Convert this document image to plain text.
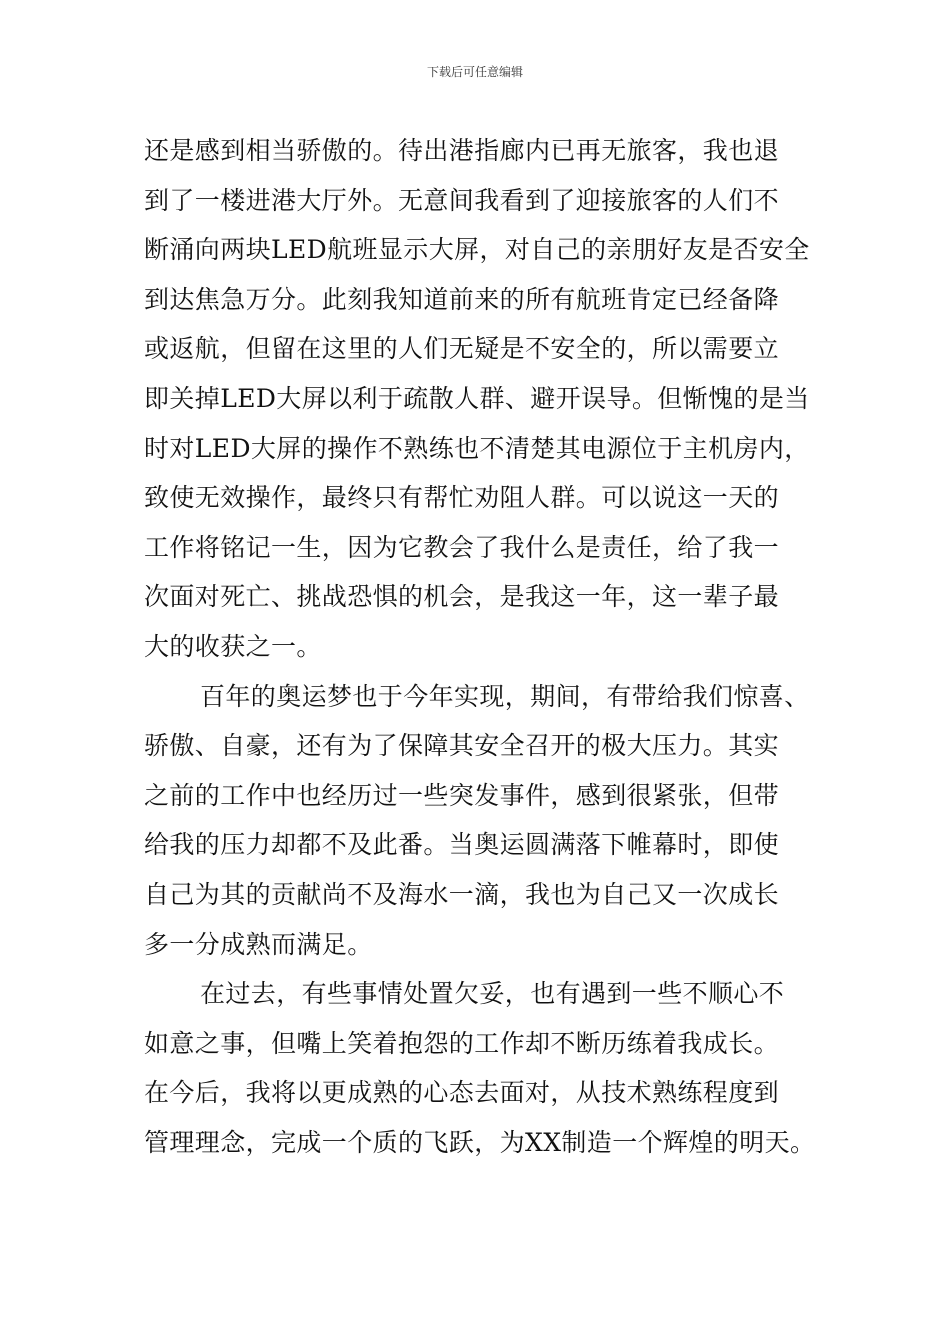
下载后可任意编辑
还是感到相当骄傲的。待出港指廊内已再无旅客，我也退
到了一楼进港大厅外。无意间我看到了迎接旅客的人们不
断涌向两块LED航班显示大屏，对自己的亲朋好友是否安全
到达焦急万分。此刻我知道前来的所有航班肯定已经备降
或返航，但留在这里的人们无疑是不安全的，所以需要立
即关掉LED大屏以利于疏散人群、避开误导。但惭愧的是当
时对LED大屏的操作不熟练也不清楚其电源位于主机房内，
致使无效操作，最终只有帮忙劝阻人群。可以说这一天的
工作将铭记一生，因为它教会了我什么是责任，给了我一
次面对死亡、挑战恐惧的机会，是我这一年，这一辈子最
大的收获之一。
百年的奥运梦也于今年实现，期间，有带给我们惊喜、
骄傲、自豪，还有为了保障其安全召开的极大压力。其实
之前的工作中也经历过一些突发事件，感到很紧张，但带
给我的压力却都不及此番。当奥运圆满落下帷幕时，即使
自己为其的贡献尚不及海水一滴，我也为自己又一次成长
多一分成熟而满足。
在过去，有些事情处置欠妥，也有遇到一些不顺心不
如意之事，但嘴上笑着抱怨的工作却不断历练着我成长。
在今后，我将以更成熟的心态去面对，从技术熟练程度到
管理理念，完成一个质的飞跃，为XX制造一个辉煌的明天。
